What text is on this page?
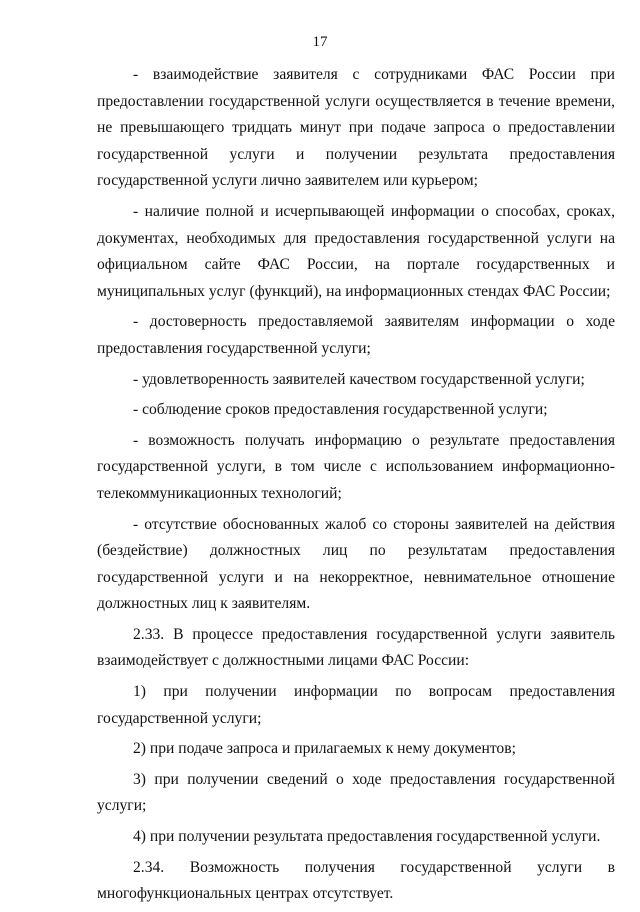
17

- взаимодействие заявителя с сотрудниками ФАС России при предоставлении государственной услуги осуществляется в течение времени, не превышающего тридцать минут при подаче запроса о предоставлении государственной услуги и получении результата предоставления государственной услуги лично заявителем или курьером;

- наличие полной и исчерпывающей информации о способах, сроках, документах, необходимых для предоставления государственной услуги на официальном сайте ФАС России, на портале государственных и муниципальных услуг (функций), на информационных стендах ФАС России;

- достоверность предоставляемой заявителям информации о ходе предоставления государственной услуги;

- удовлетворенность заявителей качеством государственной услуги;

- соблюдение сроков предоставления государственной услуги;

- возможность получать информацию о результате предоставления государственной услуги, в том числе с использованием информационно-телекоммуникационных технологий;

- отсутствие обоснованных жалоб со стороны заявителей на действия (бездействие) должностных лиц по результатам предоставления государственной услуги и на некорректное, невнимательное отношение должностных лиц к заявителям.

2.33. В процессе предоставления государственной услуги заявитель взаимодействует с должностными лицами ФАС России:

1) при получении информации по вопросам предоставления государственной услуги;

2) при подаче запроса и прилагаемых к нему документов;

3) при получении сведений о ходе предоставления государственной услуги;

4) при получении результата предоставления государственной услуги.

2.34. Возможность получения государственной услуги в многофункциональных центрах отсутствует.
